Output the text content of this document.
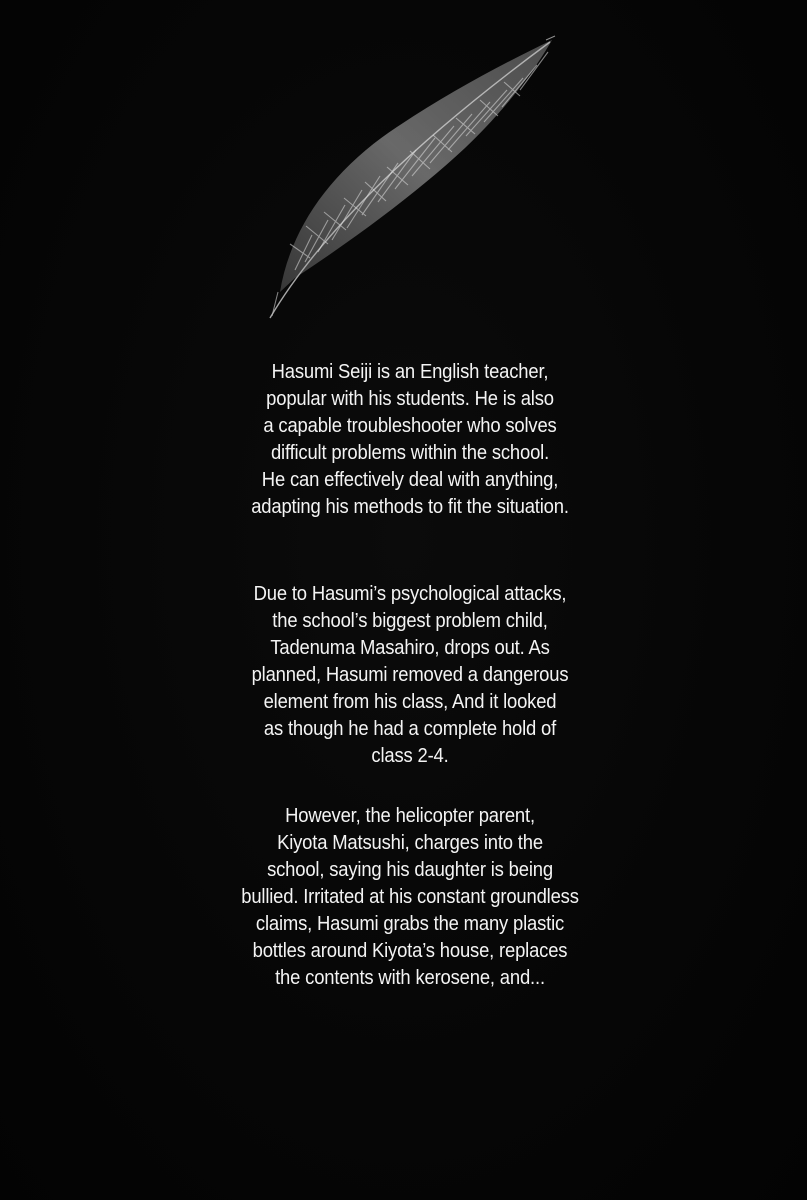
Hasumi Seiji is an English teacher,
popular with his students. He is also
a capable troubleshooter who solves
difficult problems within the school.
He can effectively deal with anything,
adapting his methods to fit the situation.
Due to Hasumi’s psychological attacks,
the school’s biggest problem child,
Tadenuma Masahiro, drops out. As
planned, Hasumi removed a dangerous
element from his class, And it looked
as though he had a complete hold of
class 2-4.
However, the helicopter parent,
Kiyota Matsushi, charges into the
school, saying his daughter is being
bullied. Irritated at his constant groundless
claims, Hasumi grabs the many plastic
bottles around Kiyota’s house, replaces
the contents with kerosene, and...
